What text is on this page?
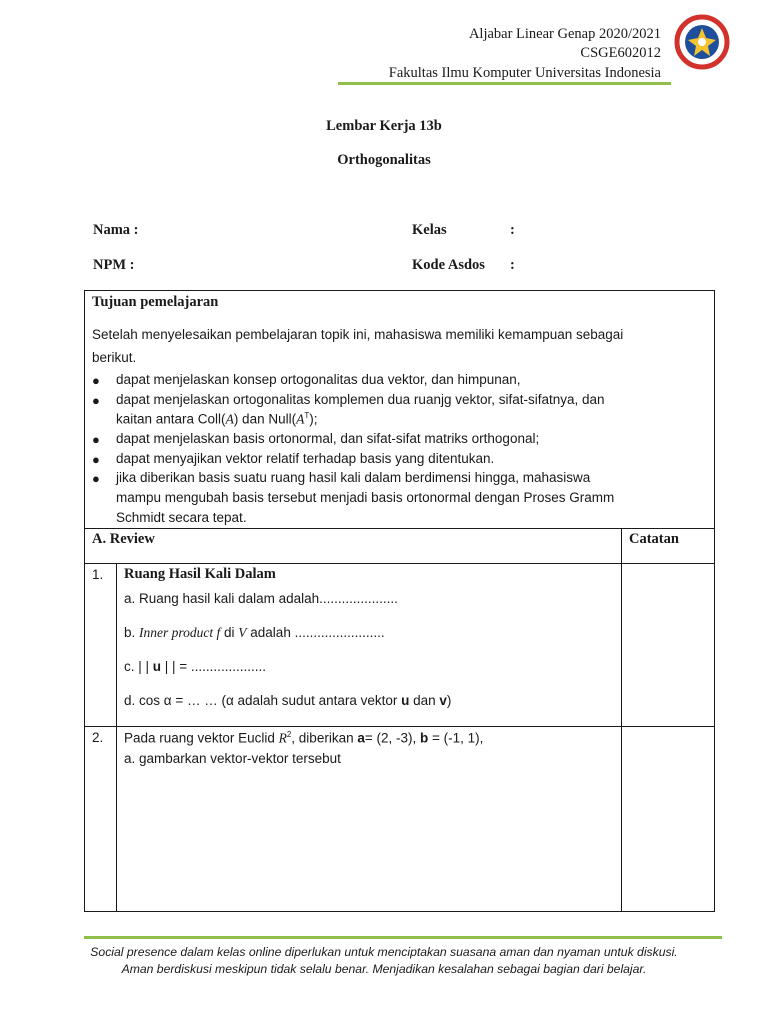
Aljabar Linear Genap 2020/2021
CSGE602012
Fakultas Ilmu Komputer Universitas Indonesia
Lembar Kerja 13b
Orthogonalitas
Nama :	Kelas	:
NPM :	Kode Asdos :
Tujuan pemelajaran
Setelah menyelesaikan pembelajaran topik ini, mahasiswa memiliki kemampuan sebagai
berikut.
● dapat menjelaskan konsep ortogonalitas dua vektor, dan himpunan,
● dapat menjelaskan ortogonalitas komplemen dua ruanjg vektor, sifat-sifatnya, dan
kaitan antara Coll(A) dan $Null(A^T)$;
● dapat menjelaskan basis ortonormal, dan sifat-sifat matriks orthogonal;
● dapat menyajikan vektor relatif terhadap basis yang ditentukan.
● jika diberikan basis suatu ruang hasil kali dalam berdimensi hingga, mahasiswa
mampu mengubah basis tersebut menjadi basis ortonormal dengan Proses Gramm
Schmidt secara tepat.
A. Review	Catatan
1. Ruang Hasil Kali Dalam
a. Ruang hasil kali dalam adalah.....................
b. Inner product f di V adalah ........................
c. | | u | | = ....................
d. cos α = … … (α adalah sudut antara vektor u dan v)
2. Pada ruang vektor Euclid $R^2$, diberikan a= (2, -3), b = (-1, 1),
a. gambarkan vektor-vektor tersebut
Social presence dalam kelas online diperlukan untuk menciptakan suasana aman dan nyaman untuk diskusi.
Aman berdiskusi meskipun tidak selalu benar. Menjadikan kesalahan sebagai bagian dari belajar.
